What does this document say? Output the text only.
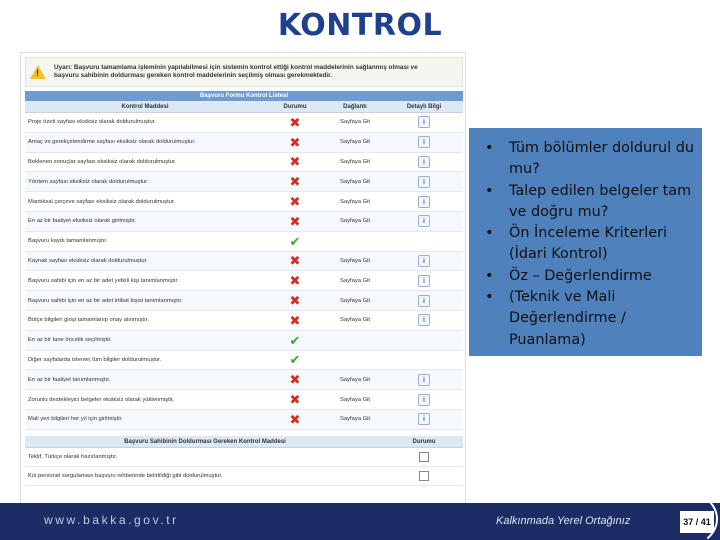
KONTROL
!
Uyarı: Başvuru tamamlama işleminin yapılabilmesi için sistemin kontrol ettiği kontrol maddelerinin sağlanmış olması ve
başvuru sahibinin doldurması gereken kontrol maddelerinin seçilmiş olması gerekmektedir.
Başvuru Formu Kontrol Listesi
Kontrol Maddesi	Durumu	Dağlantı	Detaylı Bilgi
Proje özeti sayfası eksiksiz olarak doldurulmuştur.	✖	Sayfaya Git	i
Amaç ve gerekçelendirme sayfası eksiksiz olarak doldurulmuştur.	✖	Sayfaya Git	i
Beklenen sonuçlar sayfası eksiksiz olarak doldurulmuştur.	✖	Sayfaya Git	i
Yöntem sayfası eksiksiz olarak doldurulmuştur.	✖	Sayfaya Git	i
Mantıksal çerçeve sayfası eksiksiz olarak doldurulmuştur.	✖	Sayfaya Git	i
En az bir faaliyet eksiksiz olarak girilmiştir.	✖	Sayfaya Git	i
Başvuru kaydı tamamlanmıştır.	✔
Kaynak sayfası eksiksiz olarak doldurulmuştur.	✖	Sayfaya Git	i
Başvuru sahibi için en az bir adet yetkili kişi tanımlanmıştır.	✖	Sayfaya Git	i
Başvuru sahibi için en az bir adet irtibat kişisi tanımlanmıştır.	✖	Sayfaya Git	i
Bütçe bilgileri girişi tamamlanıp onay alınmıştır.	✖	Sayfaya Git	i
En az bir tane öncelik seçilmiştir.	✔
Diğer sayfalarda istenen tüm bilgiler doldurulmuştur.	✔
En az bir faaliyet tanımlanmıştır.	✖	Sayfaya Git	i
Zorunlu destekleyici belgeler eksiksiz olarak yüklenmiştir.	✖	Sayfaya Git	i
Mali yeri bilgileri her yıl için girilmiştir.	✖	Sayfaya Git	i
Başvuru Sahibinin Doldurması Gereken Kontrol Maddesi	Durumu
Teklif, Türkçe olarak hazırlanmıştır.
Kılı personel sorgulaması başvuru rehberinde belirtildiği gibi doldurulmuştur.
• Tüm bölümler doldurul du mu?
• Talep edilen belgeler tam ve doğru mu?
• Ön İnceleme Kriterleri (İdari Kontrol)
• Öz – Değerlendirme
• (Teknik ve Mali Değerlendirme / Puanlama)
www.bakka.gov.tr	Kalkınmada Yerel Ortağınız	37 / 41
